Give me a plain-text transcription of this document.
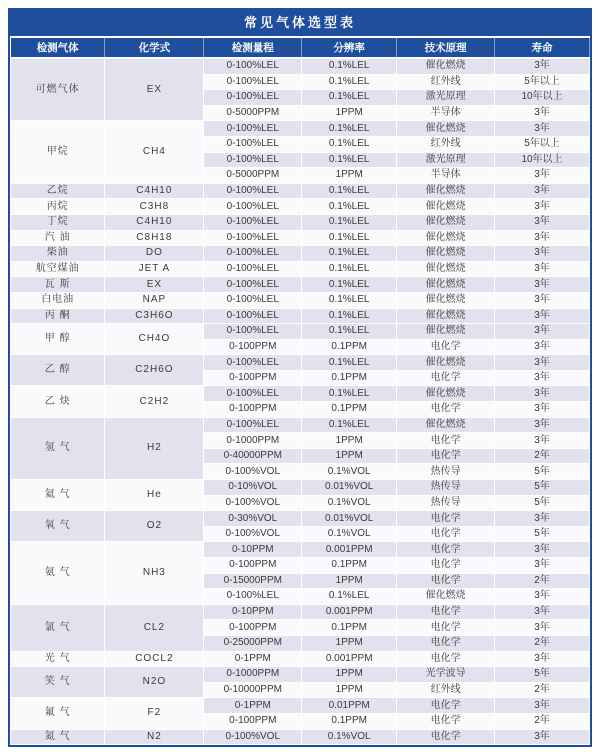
常见气体选型表
检测气体	化学式	检测量程	分辨率	技术原理	寿命
可燃气体	EX	0-100%LEL	0.1%LEL	催化燃烧	3年
		0-100%LEL	0.1%LEL	红外线	5年以上
		0-100%LEL	0.1%LEL	激光原理	10年以上
		0-5000PPM	1PPM	半导体	3年
甲烷	CH4	0-100%LEL	0.1%LEL	催化燃烧	3年
		0-100%LEL	0.1%LEL	红外线	5年以上
		0-100%LEL	0.1%LEL	激光原理	10年以上
		0-5000PPM	1PPM	半导体	3年
乙烷	C4H10	0-100%LEL	0.1%LEL	催化燃烧	3年
丙烷	C3H8	0-100%LEL	0.1%LEL	催化燃烧	3年
丁烷	C4H10	0-100%LEL	0.1%LEL	催化燃烧	3年
汽 油	C8H18	0-100%LEL	0.1%LEL	催化燃烧	3年
柴油	DO	0-100%LEL	0.1%LEL	催化燃烧	3年
航空煤油	JET A	0-100%LEL	0.1%LEL	催化燃烧	3年
瓦 斯	EX	0-100%LEL	0.1%LEL	催化燃烧	3年
白电油	NAP	0-100%LEL	0.1%LEL	催化燃烧	3年
丙 酮	C3H6O	0-100%LEL	0.1%LEL	催化燃烧	3年
甲 醇	CH4O	0-100%LEL	0.1%LEL	催化燃烧	3年
		0-100PPM	0.1PPM	电化学	3年
乙 醇	C2H6O	0-100%LEL	0.1%LEL	催化燃烧	3年
		0-100PPM	0.1PPM	电化学	3年
乙 炔	C2H2	0-100%LEL	0.1%LEL	催化燃烧	3年
		0-100PPM	0.1PPM	电化学	3年
氢 气	H2	0-100%LEL	0.1%LEL	催化燃烧	3年
		0-1000PPM	1PPM	电化学	3年
		0-40000PPM	1PPM	电化学	2年
		0-100%VOL	0.1%VOL	热传导	5年
氦 气	He	0-10%VOL	0.01%VOL	热传导	5年
		0-100%VOL	0.1%VOL	热传导	5年
氧 气	O2	0-30%VOL	0.01%VOL	电化学	3年
		0-100%VOL	0.1%VOL	电化学	5年
氨 气	NH3	0-10PPM	0.001PPM	电化学	3年
		0-100PPM	0.1PPM	电化学	3年
		0-15000PPM	1PPM	电化学	2年
		0-100%LEL	0.1%LEL	催化燃烧	3年
氯 气	CL2	0-10PPM	0.001PPM	电化学	3年
		0-100PPM	0.1PPM	电化学	3年
		0-25000PPM	1PPM	电化学	2年
光 气	COCL2	0-1PPM	0.001PPM	电化学	3年
笑 气	N2O	0-1000PPM	1PPM	光学波导	5年
		0-10000PPM	1PPM	红外线	2年
氟 气	F2	0-1PPM	0.01PPM	电化学	3年
		0-100PPM	0.1PPM	电化学	2年
氮 气	N2	0-100%VOL	0.1%VOL	电化学	3年
